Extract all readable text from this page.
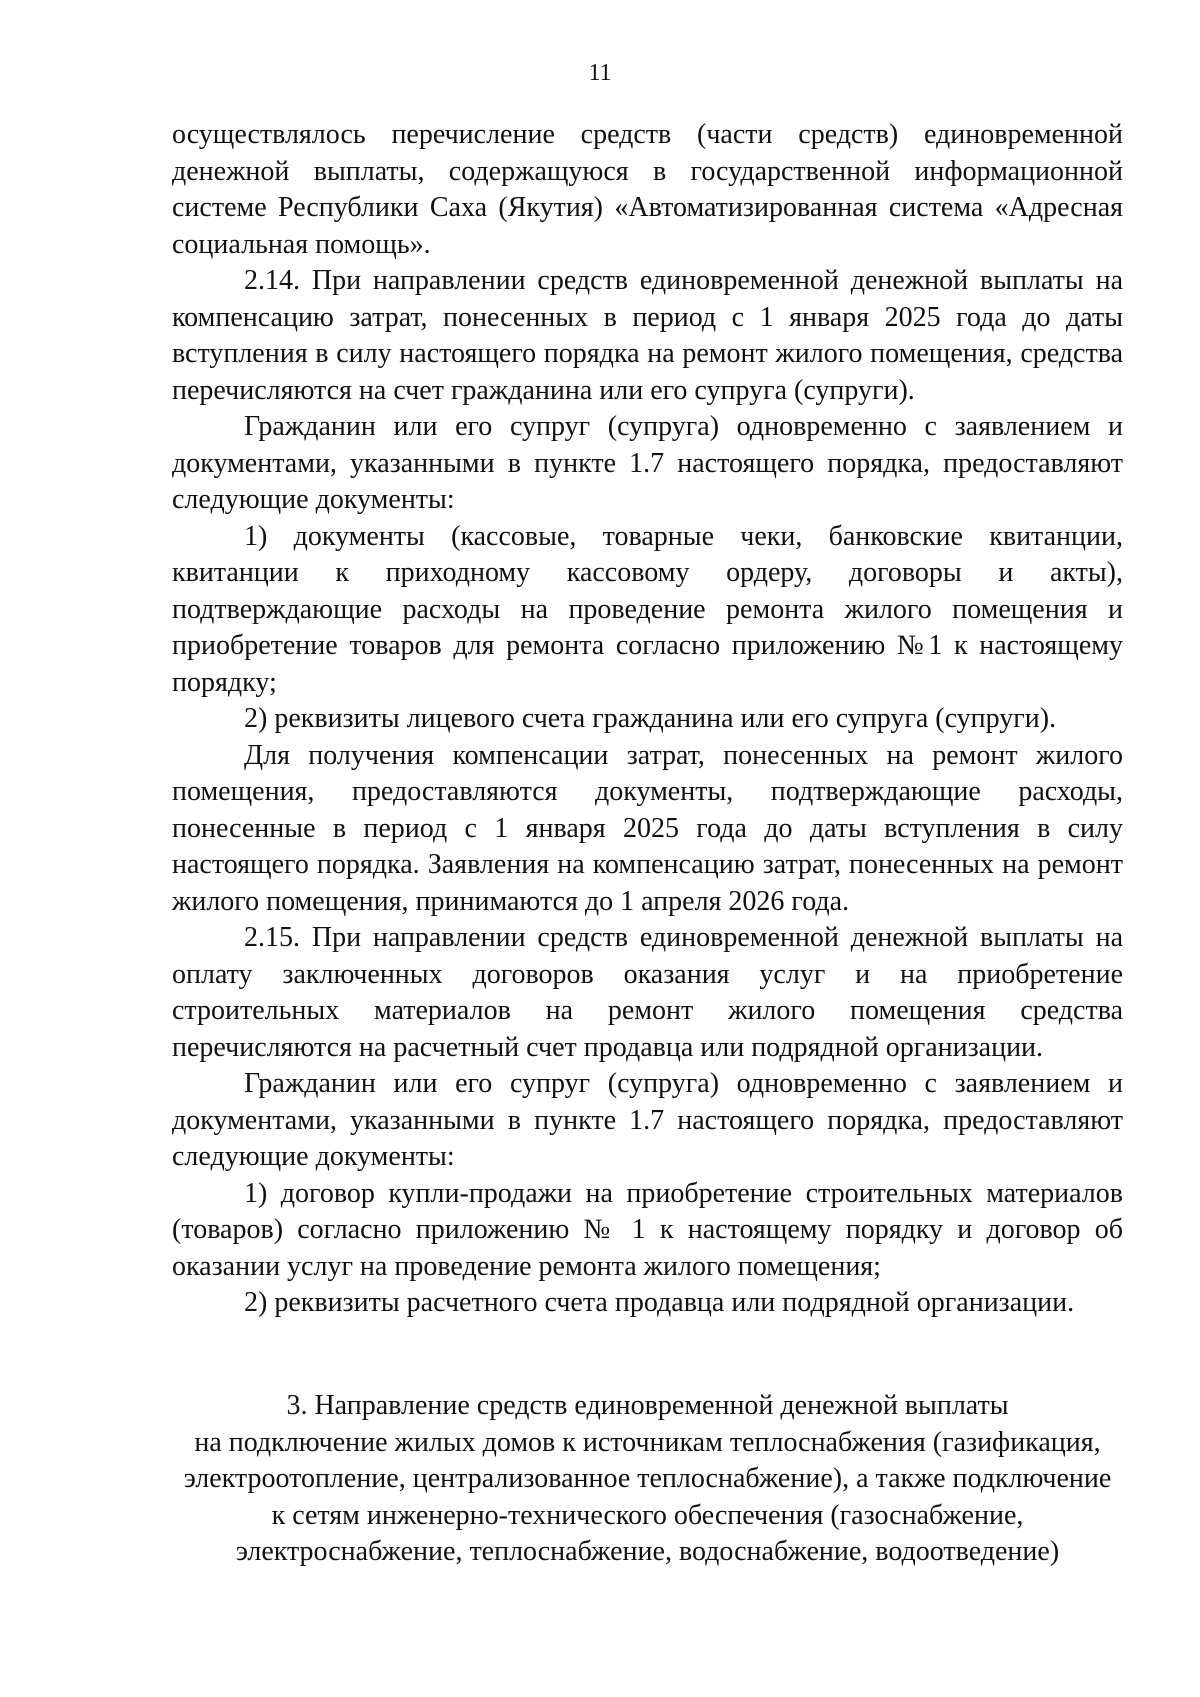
11

осуществлялось перечисление средств (части средств) единовременной денежной выплаты, содержащуюся в государственной информационной системе Республики Саха (Якутия) «Автоматизированная система «Адресная социальная помощь».

2.14. При направлении средств единовременной денежной выплаты на компенсацию затрат, понесенных в период с 1 января 2025 года до даты вступления в силу настоящего порядка на ремонт жилого помещения, средства перечисляются на счет гражданина или его супруга (супруги).

Гражданин или его супруг (супруга) одновременно с заявлением и документами, указанными в пункте 1.7 настоящего порядка, предоставляют следующие документы:

1) документы (кассовые, товарные чеки, банковские квитанции, квитанции к приходному кассовому ордеру, договоры и акты), подтверждающие расходы на проведение ремонта жилого помещения и приобретение товаров для ремонта согласно приложению №1 к настоящему порядку;

2) реквизиты лицевого счета гражданина или его супруга (супруги).

Для получения компенсации затрат, понесенных на ремонт жилого помещения, предоставляются документы, подтверждающие расходы, понесенные в период с 1 января 2025 года до даты вступления в силу настоящего порядка. Заявления на компенсацию затрат, понесенных на ремонт жилого помещения, принимаются до 1 апреля 2026 года.

2.15. При направлении средств единовременной денежной выплаты на оплату заключенных договоров оказания услуг и на приобретение строительных материалов на ремонт жилого помещения средства перечисляются на расчетный счет продавца или подрядной организации.

Гражданин или его супруг (супруга) одновременно с заявлением и документами, указанными в пункте 1.7 настоящего порядка, предоставляют следующие документы:

1) договор купли-продажи на приобретение строительных материалов (товаров) согласно приложению № 1 к настоящему порядку и договор об оказании услуг на проведение ремонта жилого помещения;

2) реквизиты расчетного счета продавца или подрядной организации.

3. Направление средств единовременной денежной выплаты
на подключение жилых домов к источникам теплоснабжения (газификация,
электроотопление, централизованное теплоснабжение), а также подключение
к сетям инженерно-технического обеспечения (газоснабжение,
электроснабжение, теплоснабжение, водоснабжение, водоотведение)
